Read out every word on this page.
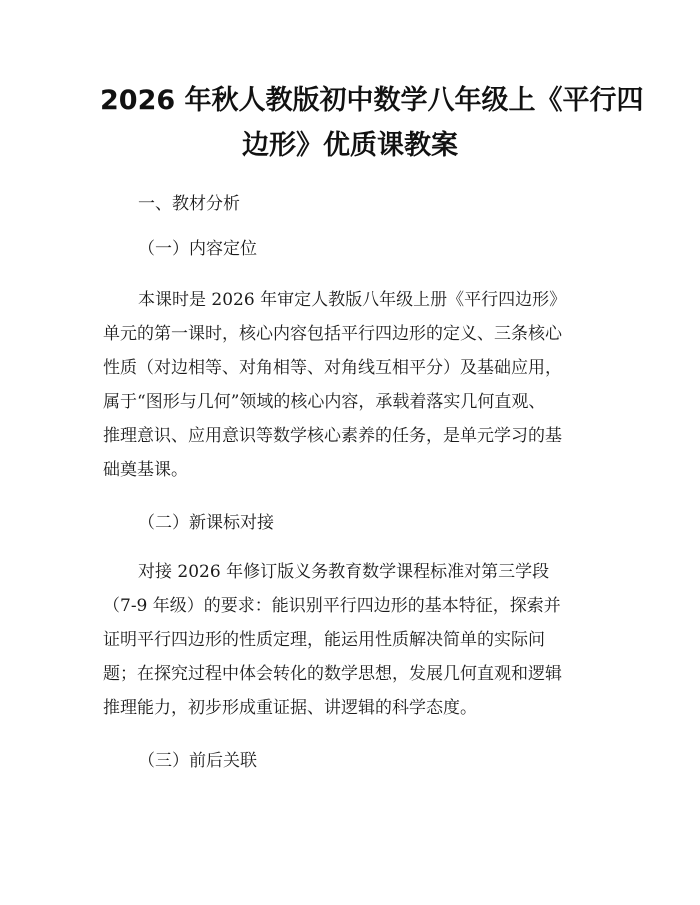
2026 年秋人教版初中数学八年级上《平行四
边形》优质课教案
一、教材分析
（一）内容定位
本课时是 2026 年审定人教版八年级上册《平行四边形》
单元的第一课时，核心内容包括平行四边形的定义、三条核心
性质（对边相等、对角相等、对角线互相平分）及基础应用，
属于“图形与几何”领域的核心内容，承载着落实几何直观、
推理意识、应用意识等数学核心素养的任务，是单元学习的基
础奠基课。
（二）新课标对接
对接 2026 年修订版义务教育数学课程标准对第三学段
（7-9 年级）的要求：能识别平行四边形的基本特征，探索并
证明平行四边形的性质定理，能运用性质解决简单的实际问
题；在探究过程中体会转化的数学思想，发展几何直观和逻辑
推理能力，初步形成重证据、讲逻辑的科学态度。
（三）前后关联
